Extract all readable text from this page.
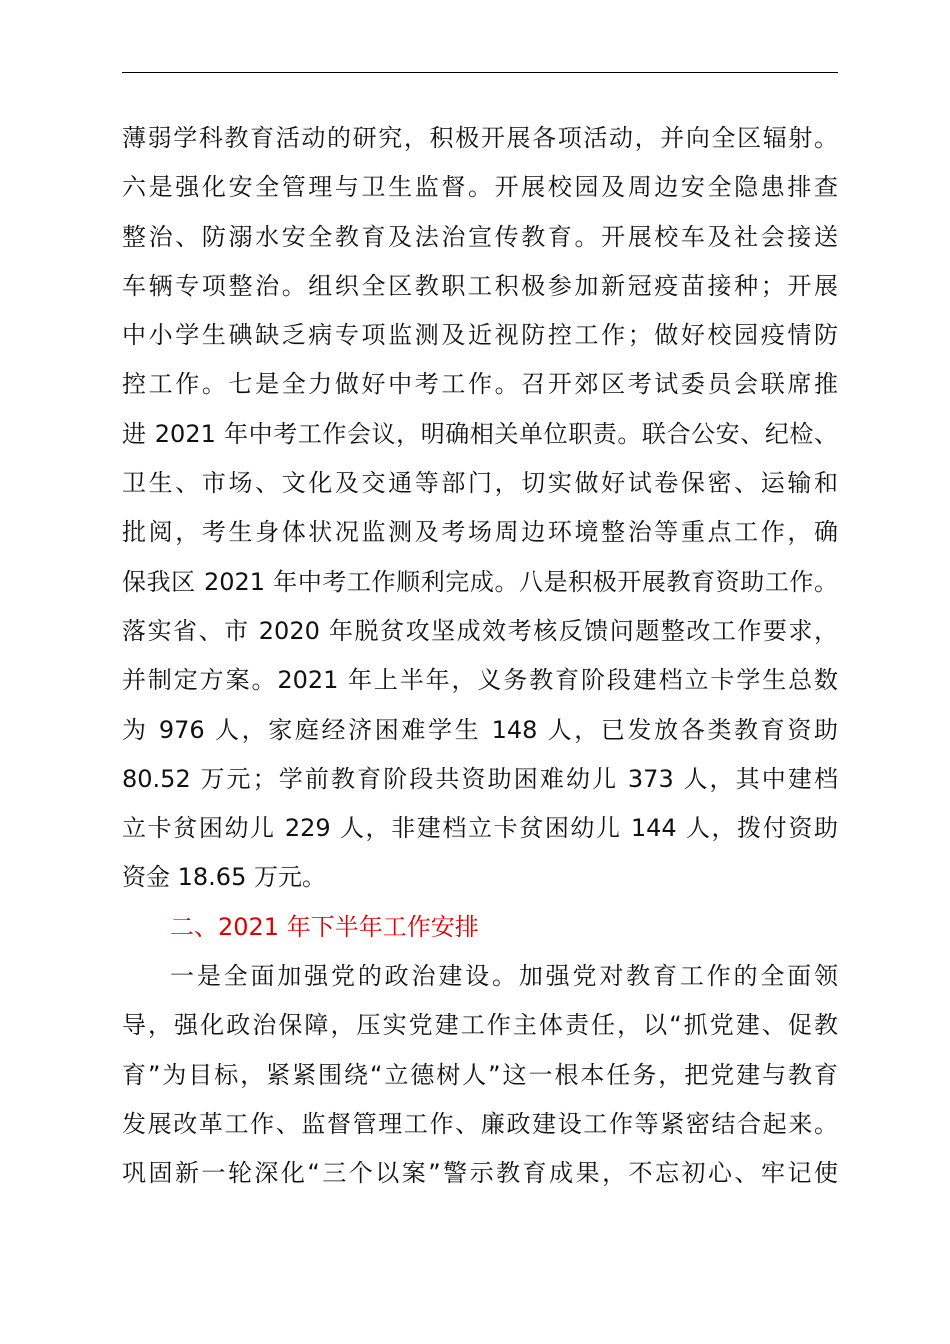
薄弱学科教育活动的研究，积极开展各项活动，并向全区辐射。
六是强化安全管理与卫生监督。开展校园及周边安全隐患排查
整治、防溺水安全教育及法治宣传教育。开展校车及社会接送
车辆专项整治。组织全区教职工积极参加新冠疫苗接种；开展
中小学生碘缺乏病专项监测及近视防控工作；做好校园疫情防
控工作。七是全力做好中考工作。召开郊区考试委员会联席推
进 2021 年中考工作会议，明确相关单位职责。联合公安、纪检、
卫生、市场、文化及交通等部门，切实做好试卷保密、运输和
批阅，考生身体状况监测及考场周边环境整治等重点工作，确
保我区 2021 年中考工作顺利完成。八是积极开展教育资助工作。
落实省、市 2020 年脱贫攻坚成效考核反馈问题整改工作要求，
并制定方案。2021 年上半年，义务教育阶段建档立卡学生总数
为 976 人，家庭经济困难学生 148 人，已发放各类教育资助
80.52 万元；学前教育阶段共资助困难幼儿 373 人，其中建档
立卡贫困幼儿 229 人，非建档立卡贫困幼儿 144 人，拨付资助
资金 18.65 万元。
二、2021 年下半年工作安排
一是全面加强党的政治建设。加强党对教育工作的全面领
导，强化政治保障，压实党建工作主体责任，以“抓党建、促教
育”为目标，紧紧围绕“立德树人”这一根本任务，把党建与教育
发展改革工作、监督管理工作、廉政建设工作等紧密结合起来。
巩固新一轮深化“三个以案”警示教育成果，不忘初心、牢记使
